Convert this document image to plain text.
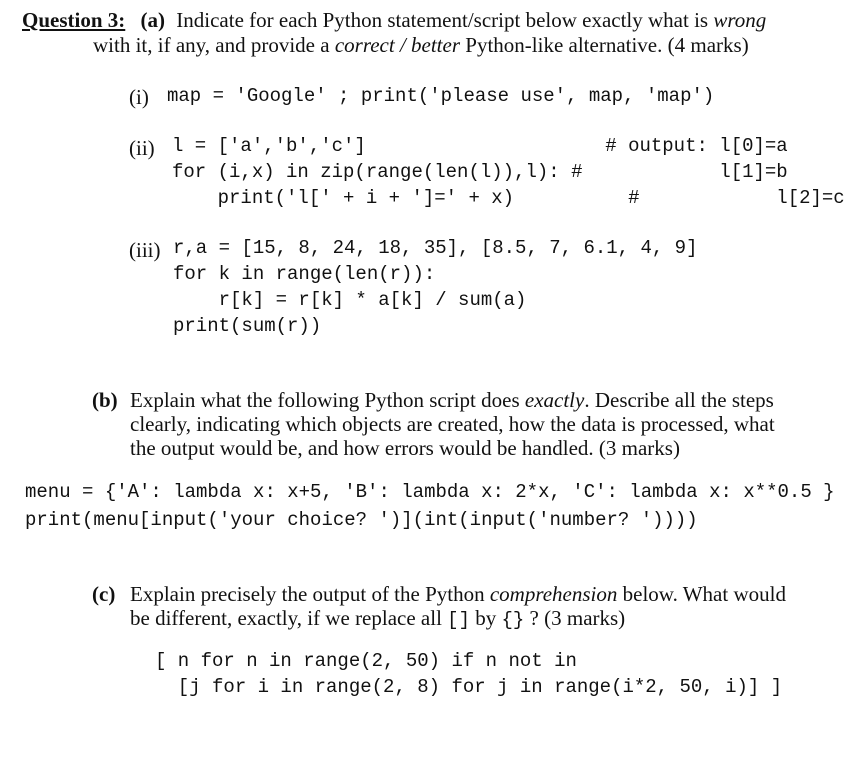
Question 3: (a) Indicate for each Python statement/script below exactly what is wrong
with it, if any, and provide a correct / better Python-like alternative. (4 marks)
(i) map = 'Google' ; print('please use', map, 'map')
(ii) l = ['a','b','c']                     # output: l[0]=a
for (i,x) in zip(range(len(l)),l): #            l[1]=b
print('l[' + i + ']=' + x)          #            l[2]=c
(iii) r,a = [15, 8, 24, 18, 35], [8.5, 7, 6.1, 4, 9]
for k in range(len(r)):
r[k] = r[k] * a[k] / sum(a)
print(sum(r))
(b) Explain what the following Python script does exactly. Describe all the steps
clearly, indicating which objects are created, how the data is processed, what
the output would be, and how errors would be handled. (3 marks)
menu = {'A': lambda x: x+5, 'B': lambda x: 2*x, 'C': lambda x: x**0.5 }
print(menu[input('your choice? ')](int(input('number? '))))
(c) Explain precisely the output of the Python comprehension below. What would
be different, exactly, if we replace all [] by {} ? (3 marks)
[ n for n in range(2, 50) if n not in
[j for i in range(2, 8) for j in range(i*2, 50, i)] ]
